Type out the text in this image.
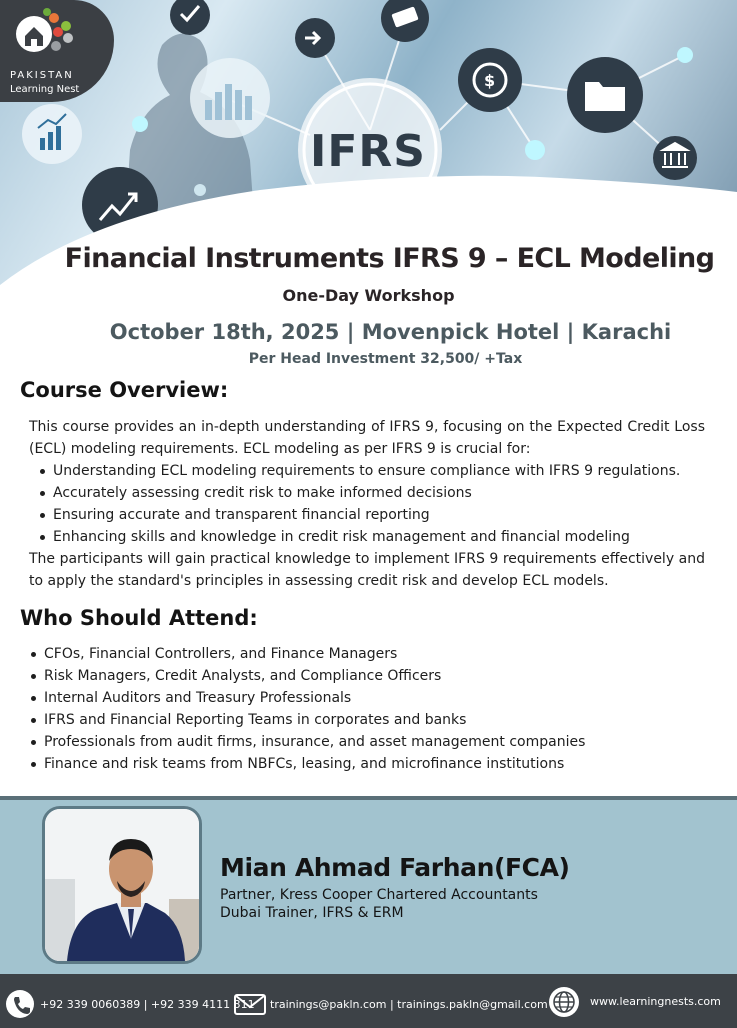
$
IFRS
PAKISTAN
Learning Nest
Financial Instruments IFRS 9 – ECL Modeling
One-Day Workshop
October 18th, 2025 | Movenpick Hotel | Karachi
Per Head Investment 32,500/ +Tax
Course Overview:
This course provides an in-depth understanding of IFRS 9, focusing on the Expected Credit Loss (ECL) modeling requirements. ECL modeling as per IFRS 9 is crucial for:
Understanding ECL modeling requirements to ensure compliance with IFRS 9 regulations.
Accurately assessing credit risk to make informed decisions
Ensuring accurate and transparent financial reporting
Enhancing skills and knowledge in credit risk management and financial modeling
The participants will gain practical knowledge to implement IFRS 9 requirements effectively and to apply the standard's principles in assessing credit risk and develop ECL models.
Who Should Attend:
CFOs, Financial Controllers, and Finance Managers
Risk Managers, Credit Analysts, and Compliance Officers
Internal Auditors and Treasury Professionals
IFRS and Financial Reporting Teams in corporates and banks
Professionals from audit firms, insurance, and asset management companies
Finance and risk teams from NBFCs, leasing, and microfinance institutions
Mian Ahmad Farhan(FCA)
Partner, Kress Cooper Chartered Accountants
Dubai Trainer, IFRS & ERM
+92 339 0060389 | +92 339 4111 311 trainings@pakln.com | trainings.pakln@gmail.com	www.learningnests.com
